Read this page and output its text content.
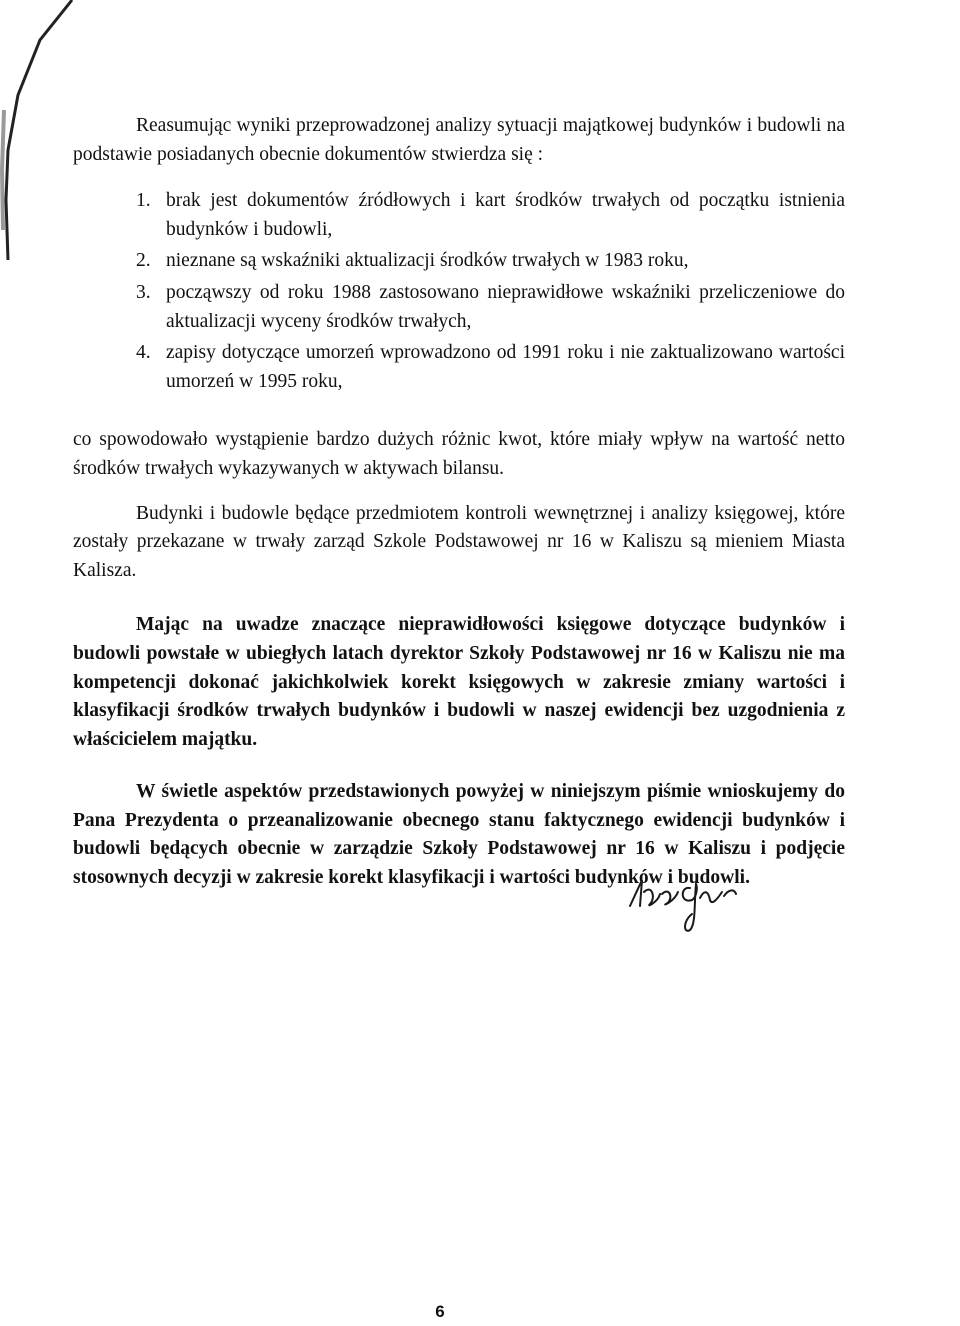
Reasumując wyniki przeprowadzonej analizy sytuacji majątkowej budynków i budowli na podstawie posiadanych obecnie dokumentów stwierdza się :

1. brak jest dokumentów źródłowych i kart środków trwałych od początku istnienia budynków i budowli,
2. nieznane są wskaźniki aktualizacji środków trwałych w 1983 roku,
3. począwszy od roku 1988 zastosowano nieprawidłowe wskaźniki przeliczeniowe do aktualizacji wyceny środków trwałych,
4. zapisy dotyczące umorzeń wprowadzono od 1991 roku i nie zaktualizowano wartości umorzeń w 1995 roku,

co spowodowało wystąpienie bardzo dużych różnic kwot, które miały wpływ na wartość netto środków trwałych wykazywanych w aktywach bilansu.

Budynki i budowle będące przedmiotem kontroli wewnętrznej i analizy księgowej, które zostały przekazane w trwały zarząd Szkole Podstawowej nr 16 w Kaliszu są mieniem Miasta Kalisza.

Mając na uwadze znaczące nieprawidłowości księgowe dotyczące budynków i budowli powstałe w ubiegłych latach dyrektor Szkoły Podstawowej nr 16 w Kaliszu nie ma kompetencji dokonać jakichkolwiek korekt księgowych w zakresie zmiany wartości i klasyfikacji środków trwałych budynków i budowli w naszej ewidencji bez uzgodnienia z właścicielem majątku.

W świetle aspektów przedstawionych powyżej w niniejszym piśmie wnioskujemy do Pana Prezydenta o przeanalizowanie obecnego stanu faktycznego ewidencji budynków i budowli będących obecnie w zarządzie Szkoły Podstawowej nr 16 w Kaliszu i podjęcie stosownych decyzji w zakresie korekt klasyfikacji i wartości budynków i budowli.

6
